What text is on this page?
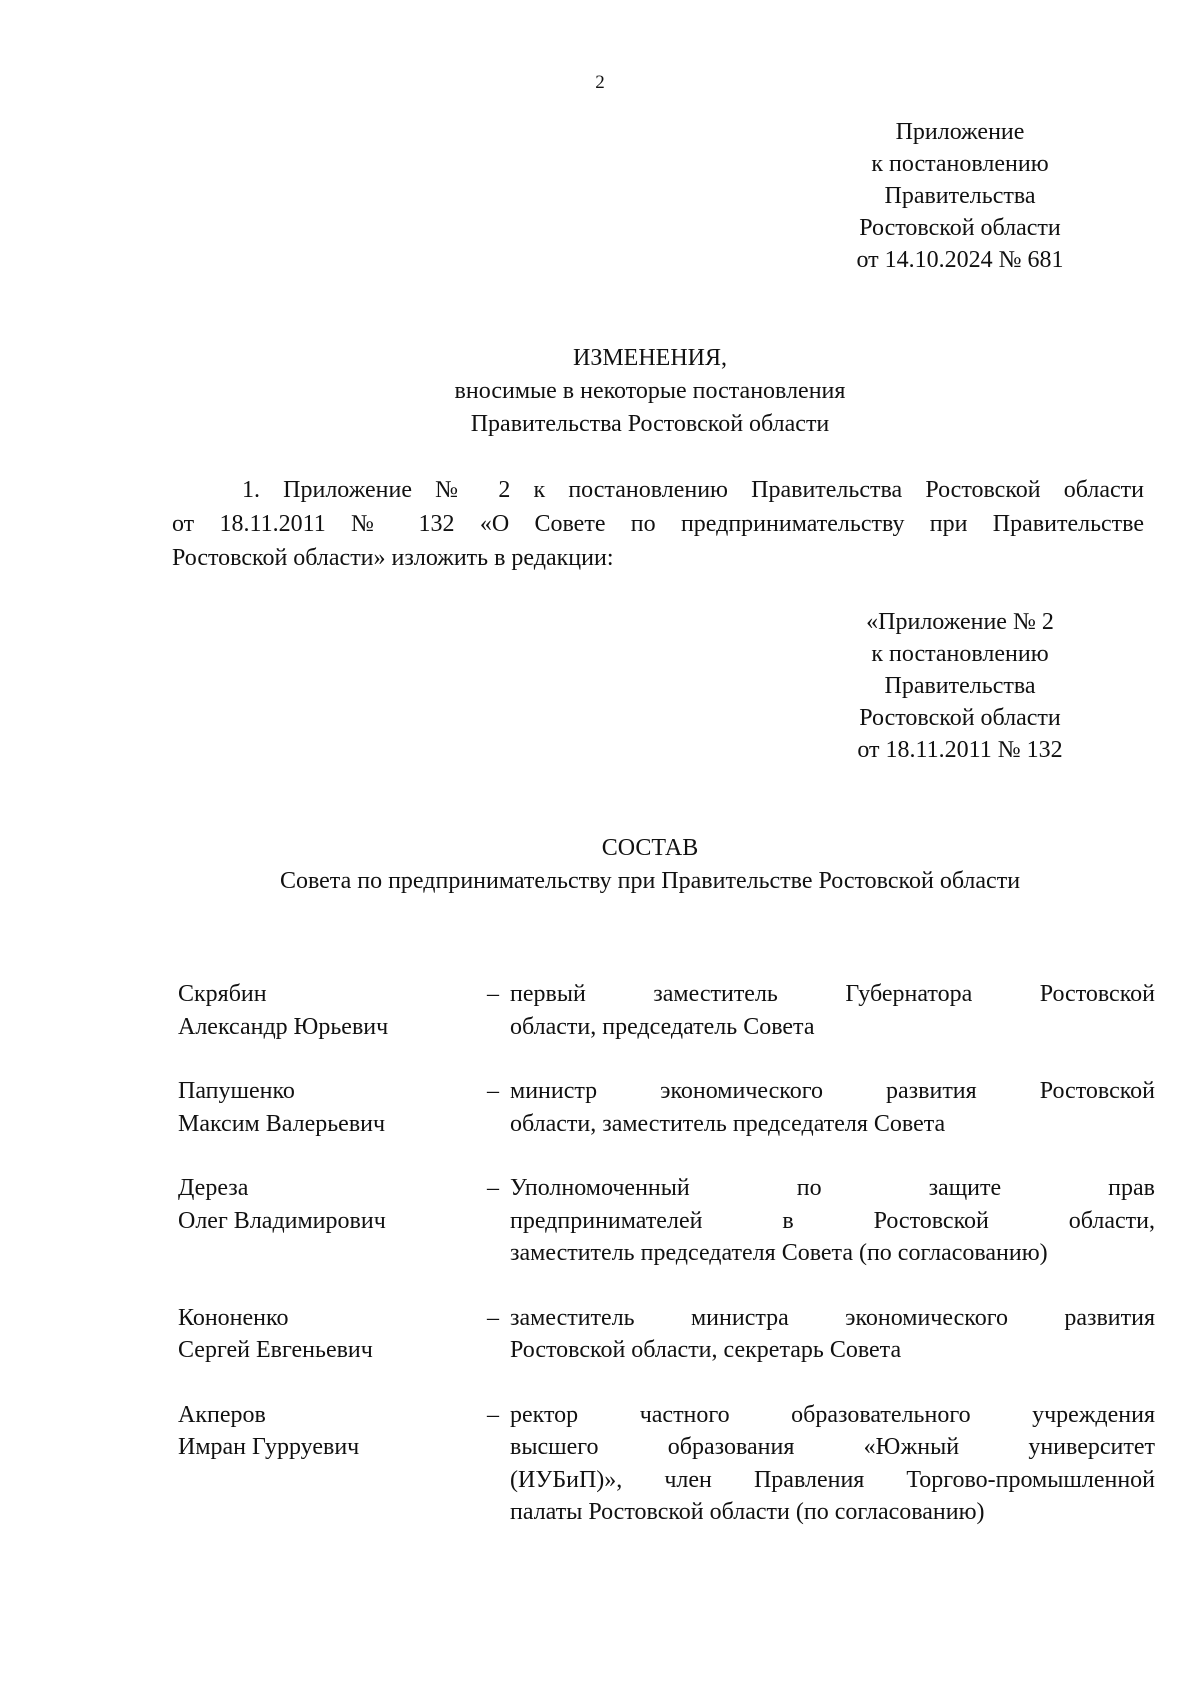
2
Приложение
к постановлению
Правительства
Ростовской области
от 14.10.2024 № 681
ИЗМЕНЕНИЯ,
вносимые в некоторые постановления
Правительства Ростовской области
1. Приложение № 2 к постановлению Правительства Ростовской области
от 18.11.2011 № 132 «О Совете по предпринимательству при Правительстве
Ростовской области» изложить в редакции:
«Приложение № 2
к постановлению
Правительства
Ростовской области
от 18.11.2011 № 132
СОСТАВ
Совета по предпринимательству при Правительстве Ростовской области
Скрябин
Александр Юрьевич
– первый заместитель Губернатора Ростовской
области, председатель Совета
Папушенко
Максим Валерьевич
– министр экономического развития Ростовской
области, заместитель председателя Совета
Дереза
Олег Владимирович
– Уполномоченный по защите прав
предпринимателей в Ростовской области,
заместитель председателя Совета (по согласованию)
Кононенко
Сергей Евгеньевич
– заместитель министра экономического развития
Ростовской области, секретарь Совета
Акперов
Имран Гурруевич
– ректор частного образовательного учреждения
высшего образования «Южный университет
(ИУБиП)», член Правления Торгово-промышленной
палаты Ростовской области (по согласованию)
